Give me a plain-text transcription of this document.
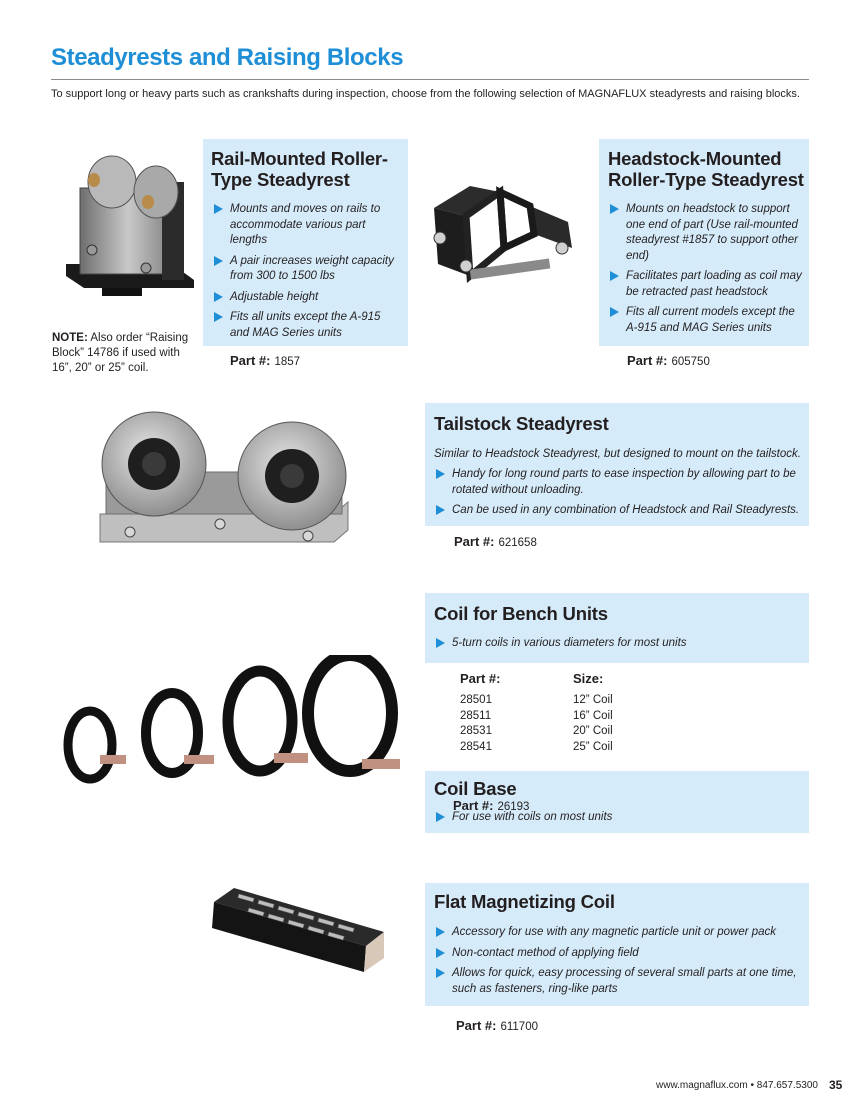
Steadyrests and Raising Blocks
To support long or heavy parts such as crankshafts during inspection, choose from the following selection of MAGNAFLUX steadyrests and raising blocks.
Rail-Mounted Roller-
Type Steadyrest
Mounts and moves on rails to accommodate various part lengths
A pair increases weight capacity from 300 to 1500 lbs
Adjustable height
Fits all units except the A-915 and MAG Series units
Part #: 1857
NOTE: Also order “Raising Block” 14786 if used with 16”, 20” or 25” coil.
Headstock-Mounted
Roller-Type Steadyrest
Mounts on headstock to support one end of part (Use rail-mounted steadyrest #1857 to support other end)
Facilitates part loading as coil may be retracted past headstock
Fits all current models except the A-915 and MAG Series units
Part #: 605750
Tailstock Steadyrest
Similar to Headstock Steadyrest, but designed to mount on the tailstock.
Handy for long round parts to ease inspection by allowing part to be rotated without unloading.
Can be used in any combination of Headstock and Rail Steadyrests.
Part #: 621658
Coil for Bench Units
5-turn coils in various diameters for most units
Part #:	Size:
28501
28511
28531
28541
12” Coil
16” Coil
20” Coil
25” Coil
Coil Base
Part #: 26193
For use with coils on most units
Flat Magnetizing Coil
Accessory for use with any magnetic particle unit or power pack
Non-contact method of applying field
Allows for quick, easy processing of several small parts at one time, such as fasteners, ring-like parts
Part #: 611700
www.magnaflux.com • 847.657.5300 35
